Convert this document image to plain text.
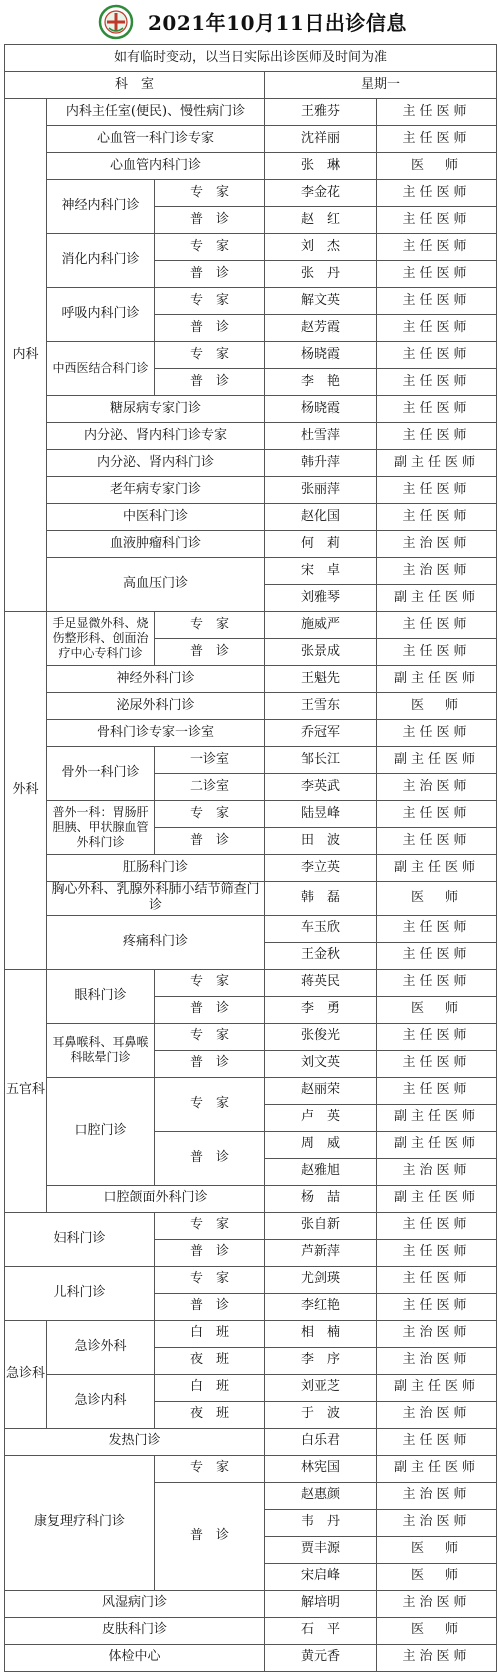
2021年10月11日出诊信息
如有临时变动，以当日实际出诊医师及时间为准				
科　室			星期一	
内科	内科主任室(便民)、慢性病门诊		王雅芬	主任医师
	心血管一科门诊专家		沈祥丽	主任医师
	心血管内科门诊		张　琳	医　师
	神经内科门诊	专　家	李金花	主任医师
		普　诊	赵　红	主任医师
	消化内科门诊	专　家	刘　杰	主任医师
		普　诊	张　丹	主任医师
	呼吸内科门诊	专　家	解文英	主任医师
		普　诊	赵芳霞	主任医师
	中西医结合科门诊	专　家	杨晓霞	主任医师
		普　诊	李　艳	主任医师
	糖尿病专家门诊		杨晓霞	主任医师
	内分泌、肾内科门诊专家		杜雪萍	主任医师
	内分泌、肾内科门诊		韩升萍	副主任医师
	老年病专家门诊		张丽萍	主任医师
	中医科门诊		赵化国	主任医师
	血液肿瘤科门诊		何　莉	主治医师
	高血压门诊		宋　卓	主治医师
			刘雅琴	副主任医师
外科	手足显微外科、烧伤整形科、创面治疗中心专科门诊	专　家	施威严	主任医师
		普　诊	张景成	主任医师
	神经外科门诊		王魁先	副主任医师
	泌尿外科门诊		王雪东	医　师
	骨科门诊专家一诊室		乔冠军	主任医师
	骨外一科门诊	一诊室	邹长江	副主任医师
		二诊室	李英武	主治医师
	普外一科：胃肠肝胆胰、甲状腺血管外科门诊	专　家	陆昱峰	主任医师
		普　诊	田　波	主任医师
	肛肠科门诊		李立英	副主任医师
	胸心外科、乳腺外科肺小结节筛查门诊		韩　磊	医　师
	疼痛科门诊		车玉欣	主任医师
			王金秋	主任医师
五官科	眼科门诊	专　家	蒋英民	主任医师
		普　诊	李　勇	医　师
	耳鼻喉科、耳鼻喉科眩晕门诊	专　家	张俊光	主任医师
		普　诊	刘文英	主任医师
	口腔门诊	专　家	赵丽荣	主任医师
			卢　英	副主任医师
		普　诊	周　威	副主任医师
			赵雅旭	主治医师
	口腔颌面外科门诊		杨　喆	副主任医师
妇科门诊		专　家	张自新	主任医师
		普　诊	芦新萍	主任医师
儿科门诊		专　家	尤剑瑛	主任医师
		普　诊	李红艳	主任医师
急诊科	急诊外科	白　班	相　楠	主治医师
		夜　班	李　序	主治医师
	急诊内科	白　班	刘亚芝	副主任医师
		夜　班	于　波	主治医师
发热门诊			白乐君	主任医师
康复理疗科门诊		专　家	林宪国	副主任医师
		普　诊	赵惠颜	主治医师
			韦　丹	主治医师
			贾丰源	医　师
			宋启峰	医　师
风湿病门诊			解培明	主治医师
皮肤科门诊			石　平	医　师
体检中心			黄元香	主治医师
